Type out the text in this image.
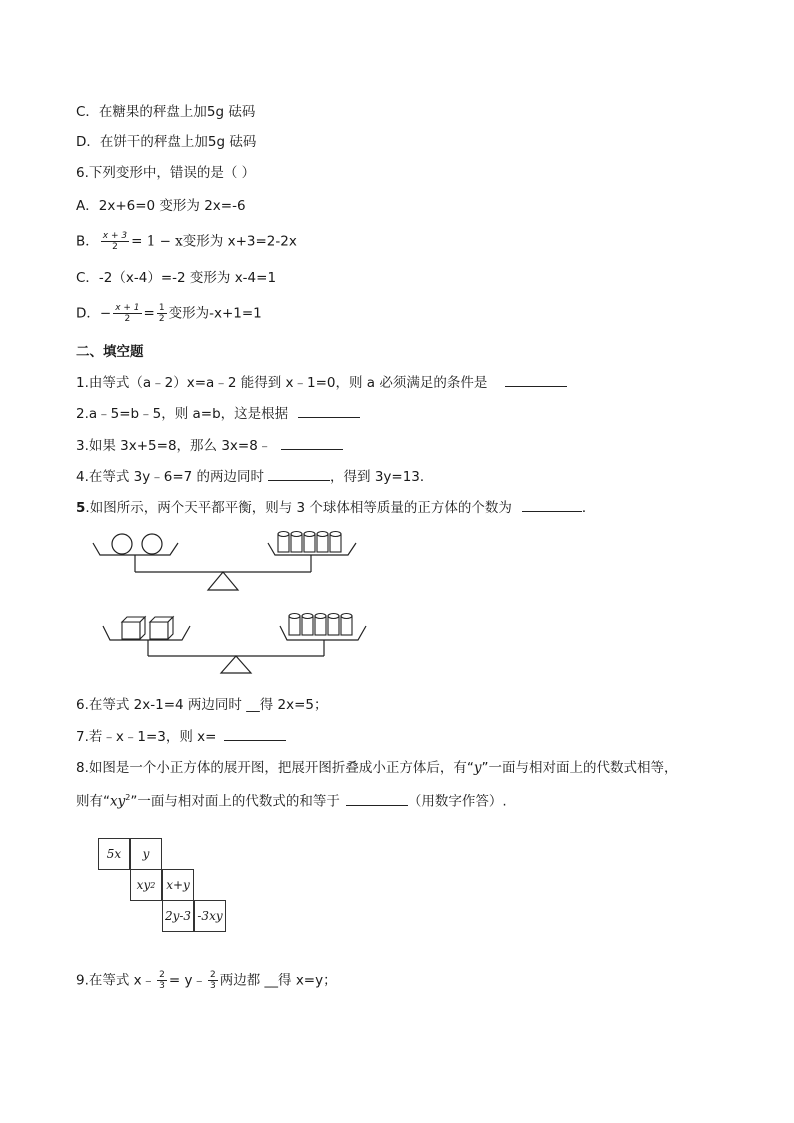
C．在糖果的秤盘上加5g 砝码
D．在饼干的秤盘上加5g 砝码
6.下列变形中，错误的是（ ）
A．2x+6=0 变形为 2x=-6
B． $\frac{x + 3}{2} = 1 - x$变形为 x+3=2-2x
C．-2（x-4）=-2 变形为 x-4=1
D．− $\frac{x + 1}{2} = \frac{1}{2}$ 变形为-x+1=1
二、填空题
1.由等式（a﹣2）x=a﹣2 能得到 x﹣1=0，则 a 必须满足的条件是
2.a﹣5=b﹣5，则 a=b，这是根据
3.如果 3x+5=8，那么 3x=8﹣
4.在等式 3y﹣6=7 的两边同时	，得到 3y=13．
5.如图所示，两个天平都平衡，则与 3 个球体相等质量的正方体的个数为	．
6.在等式 2x-1=4 两边同时 __得 2x=5；
7.若﹣x﹣1=3，则 x=
8.如图是一个小正方体的展开图，把展开图折叠成小正方体后，有“y”一面与相对面上的代数式相等，
则有“$xy^2$”一面与相对面上的代数式的和等于	（用数字作答）.
5x y
xy 2 x+y
2y-3 -3xy
9.在等式 x﹣ $\frac{2}{3}$ = y﹣ $\frac{2}{3}$ 两边都 __得 x=y；
